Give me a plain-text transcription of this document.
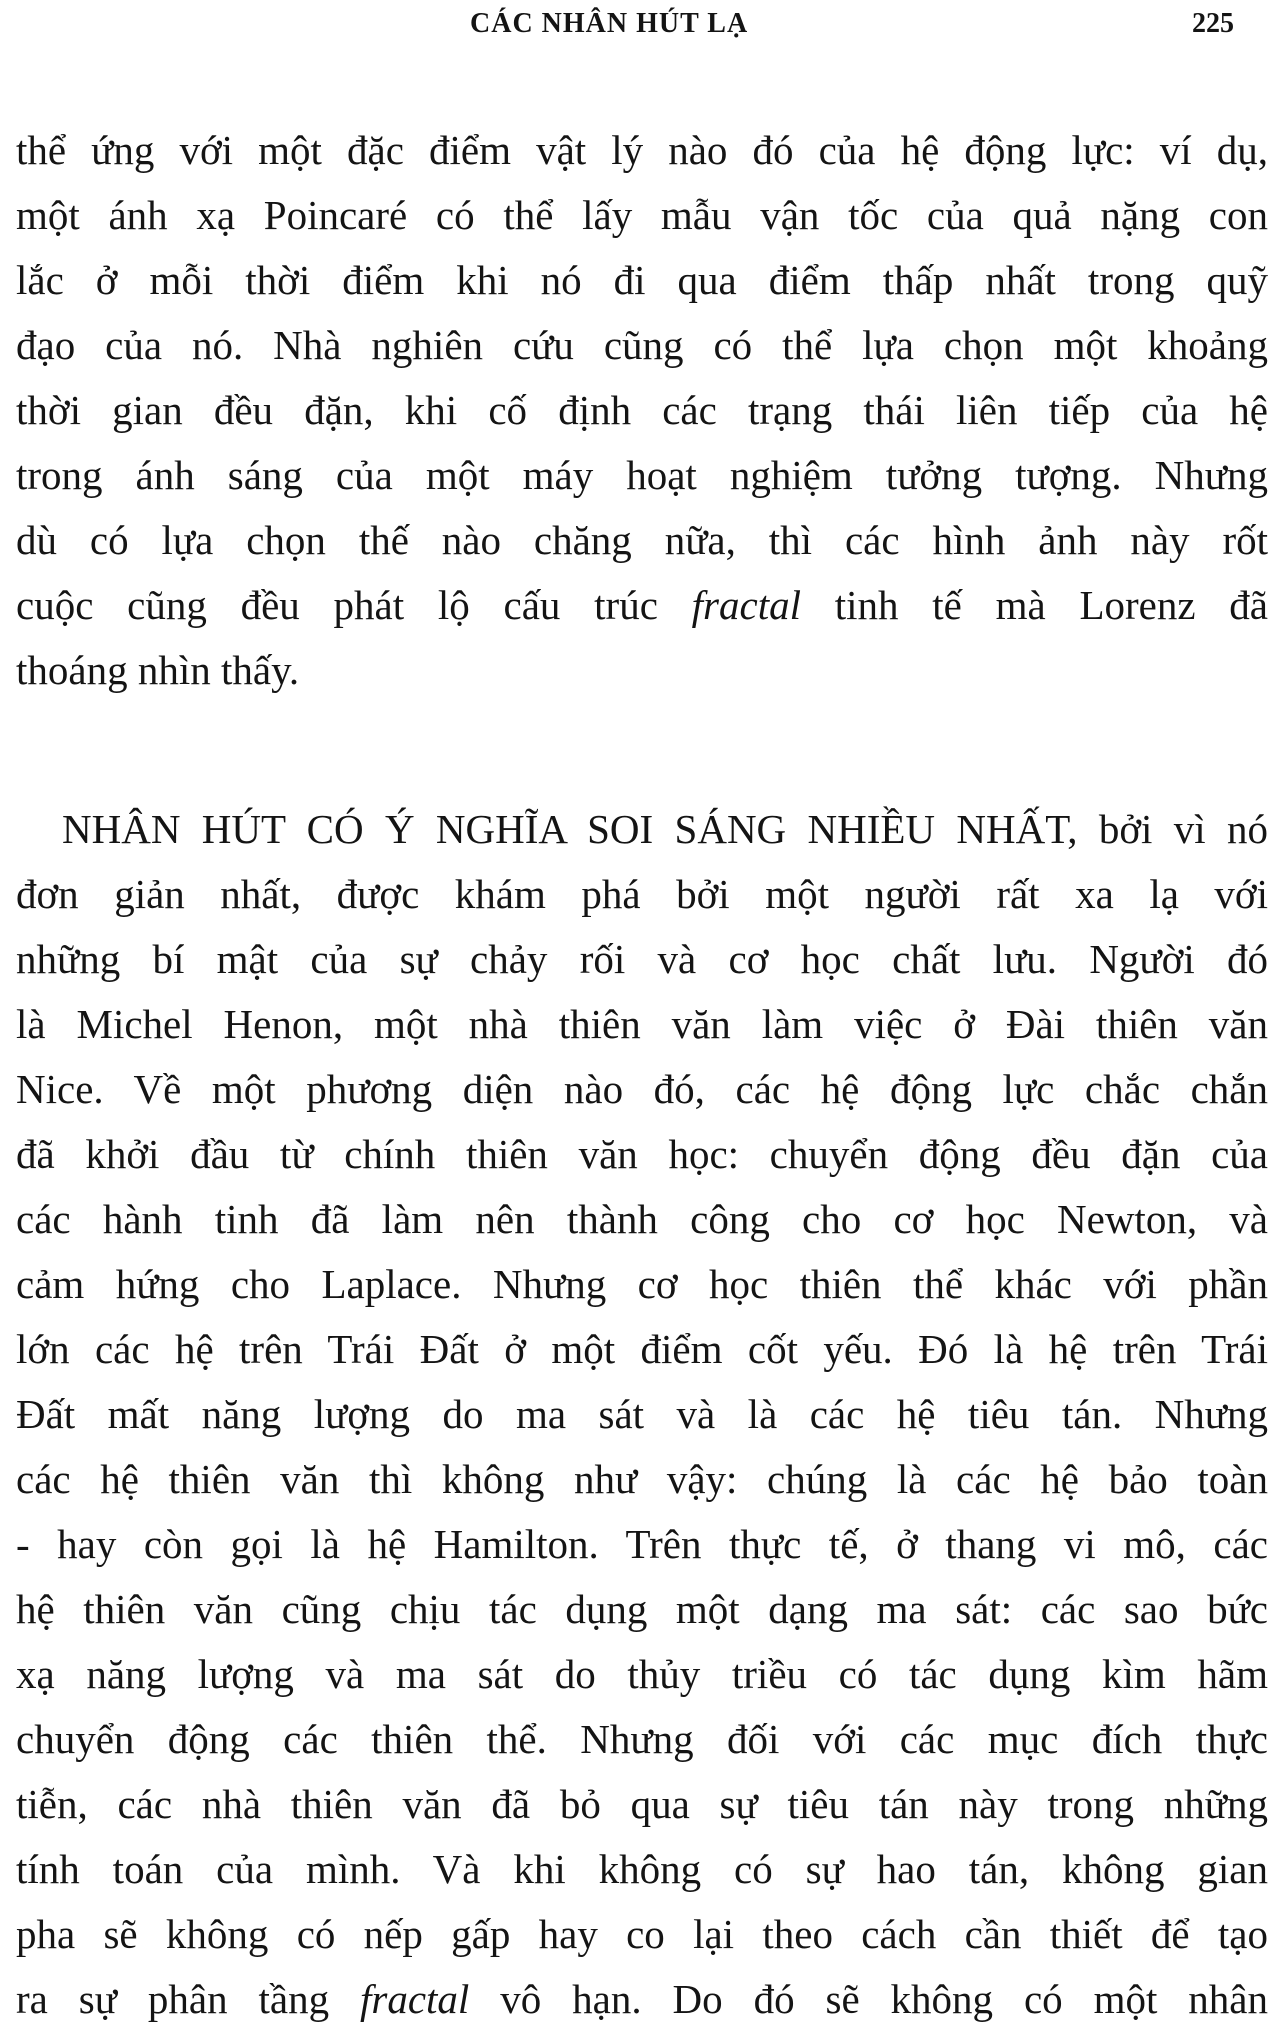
CÁC NHÂN HÚT LẠ	225
thể ứng với một đặc điểm vật lý nào đó của hệ động lực: ví dụ,
một ánh xạ Poincaré có thể lấy mẫu vận tốc của quả nặng con
lắc ở mỗi thời điểm khi nó đi qua điểm thấp nhất trong quỹ
đạo của nó. Nhà nghiên cứu cũng có thể lựa chọn một khoảng
thời gian đều đặn, khi cố định các trạng thái liên tiếp của hệ
trong ánh sáng của một máy hoạt nghiệm tưởng tượng. Nhưng
dù có lựa chọn thế nào chăng nữa, thì các hình ảnh này rốt
cuộc cũng đều phát lộ cấu trúc fractal tinh tế mà Lorenz đã
thoáng nhìn thấy.
NHÂN HÚT CÓ Ý NGHĨA SOI SÁNG NHIỀU NHẤT, bởi vì nó
đơn giản nhất, được khám phá bởi một người rất xa lạ với
những bí mật của sự chảy rối và cơ học chất lưu. Người đó
là Michel Henon, một nhà thiên văn làm việc ở Đài thiên văn
Nice. Về một phương diện nào đó, các hệ động lực chắc chắn
đã khởi đầu từ chính thiên văn học: chuyển động đều đặn của
các hành tinh đã làm nên thành công cho cơ học Newton, và
cảm hứng cho Laplace. Nhưng cơ học thiên thể khác với phần
lớn các hệ trên Trái Đất ở một điểm cốt yếu. Đó là hệ trên Trái
Đất mất năng lượng do ma sát và là các hệ tiêu tán. Nhưng
các hệ thiên văn thì không như vậy: chúng là các hệ bảo toàn
- hay còn gọi là hệ Hamilton. Trên thực tế, ở thang vi mô, các
hệ thiên văn cũng chịu tác dụng một dạng ma sát: các sao bức
xạ năng lượng và ma sát do thủy triều có tác dụng kìm hãm
chuyển động các thiên thể. Nhưng đối với các mục đích thực
tiễn, các nhà thiên văn đã bỏ qua sự tiêu tán này trong những
tính toán của mình. Và khi không có sự hao tán, không gian
pha sẽ không có nếp gấp hay co lại theo cách cần thiết để tạo
ra sự phân tầng fractal vô hạn. Do đó sẽ không có một nhân
